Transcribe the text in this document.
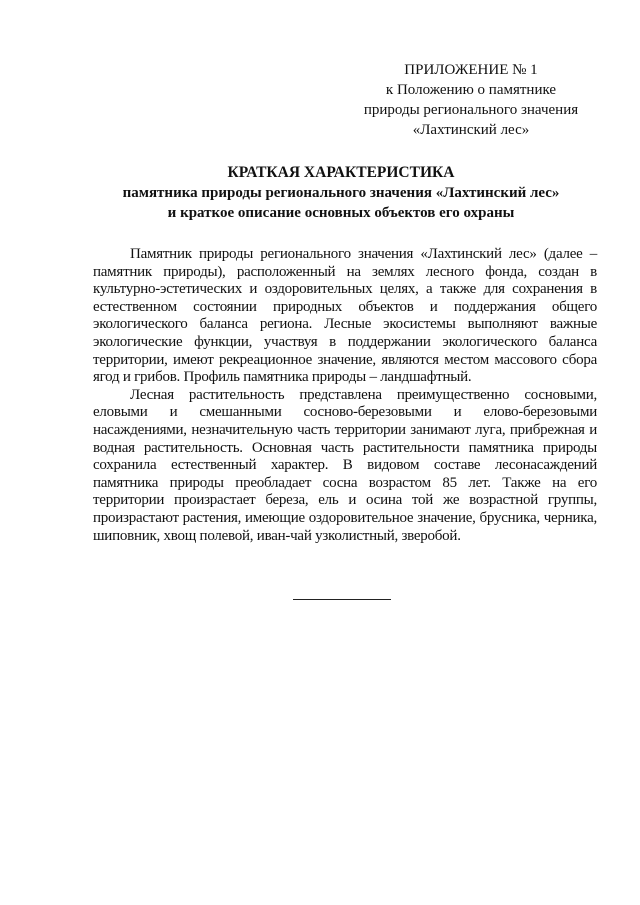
ПРИЛОЖЕНИЕ № 1
к Положению о памятнике
природы регионального значения
«Лахтинский лес»
КРАТКАЯ ХАРАКТЕРИСТИКА
памятника природы регионального значения «Лахтинский лес»
и краткое описание основных объектов его охраны

Памятник природы регионального значения «Лахтинский лес» (далее – памятник природы), расположенный на землях лесного фонда, создан в культурно-эстетических и оздоровительных целях, а также для сохранения в естественном состоянии природных объектов и поддержания общего экологического баланса региона. Лесные экосистемы выполняют важные экологические функции, участвуя в поддержании экологического баланса территории, имеют рекреационное значение, являются местом массового сбора ягод и грибов. Профиль памятника природы – ландшафтный.

Лесная растительность представлена преимущественно сосновыми, еловыми и смешанными сосново-березовыми и елово-березовыми насаждениями, незначительную часть территории занимают луга, прибрежная и водная растительность. Основная часть растительности памятника природы сохранила естественный характер. В видовом составе лесонасаждений памятника природы преобладает сосна возрастом 85 лет. Также на его территории произрастает береза, ель и осина той же возрастной группы, произрастают растения, имеющие оздоровительное значение, брусника, черника, шиповник, хвощ полевой, иван-чай узколистный, зверобой.
